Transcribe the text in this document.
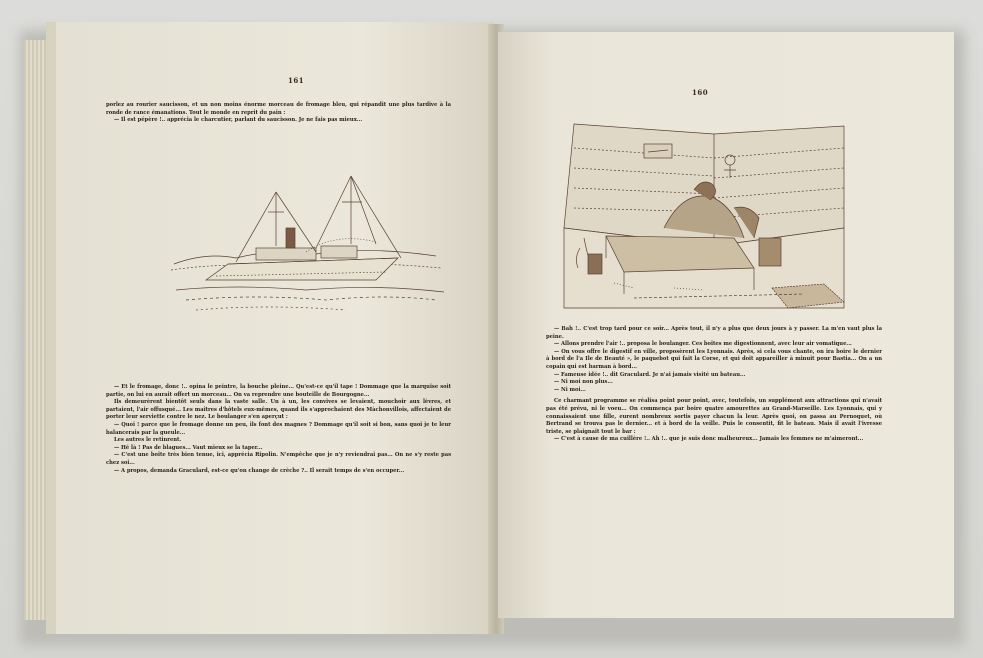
161

porlez au rourier saucisson, et un non moins énorme morceau de fromage bleu, qui répandit une plus tardive à la ronde de rance émanations. Tout le monde en reprit du pain :

— Il est pépère !.. apprécia le charcutier, parlant du saucisson. Je ne fais pas mieux...

— Et le fromage, donc !.. opina le peintre, la bouche pleine... Qu'est-ce qu'il tape ! Dommage que la marquise soit partie, on lui en aurait offert un morceau... On va reprendre une bouteille de Bourgogne...

Ils demeurèrent bientôt seuls dans la vaste salle. Un à un, les convives se levaient, mouchoir aux lèvres, et partaient, l'air offusqué... Les maîtres d'hôtels eux-mêmes, quand ils s'approchaient des Màchonvillois, affectaient de porter leur serviette contre le nez. Le boulanger s'en aperçut :

— Quoi ! parce que le fromage donne un peu, ils font des magnes ? Dommage qu'il soit si bon, sans quoi je te leur balancerais par la gueule...

Les autres le retinrent.

— Hé là ! Pas de blagues... Vaut mieux se la taper...

— C'est une boîte très bien tenue, ici, apprécia Ripolin. N'empêche que je n'y reviendrai pas... On ne s'y reste pas chez soi...

— A propos, demanda Graculard, est-ce qu'on change de crèche ?.. Il serait temps de s'en occuper...

160

— Bah !.. C'est trop tard pour ce soir... Après tout, il n'y a plus que deux jours à y passer. La m'en vaut plus la peine.

— Allons prendre l'air !.. proposa le boulanger. Ces boîtes me digestionnent, avec leur air vomatique...

— On vous offre le digestif en ville, proposèrent les Lyonnais. Après, si cela vous chante, on ira boire le dernier à bord de l'a Ile de Beauté », le paquebot qui fait la Corse, et qui doit appareiller à minuit pour Bastia... On a un copain qui est barman à bord...

— Fameuse idée !.. dit Graculard. Je n'ai jamais visité un bateau...

— Ni moi non plus...

— Ni moi...

Ce charmant programme se réalisa point pour point, avec, toutefois, un supplément aux attractions qui n'avait pas été prévu, ni le voeu... On commença par boire quatre amourettes au Grand-Marseille. Les Lyonnais, qui y connaissaient une fille, eurent nombreux sortis payer chacun la leur. Après quoi, on passa au Pernoquet, où Bertrand se trouva pas le dernier... et à bord de la veille. Puis le consentit, fit le bateau. Mais il avait l'ivresse triste, se plaignait tout le bar :

— C'est à cause de ma cuillère !.. Ah !.. que je suis donc malheureux... Jamais les femmes ne m'aimeront...
